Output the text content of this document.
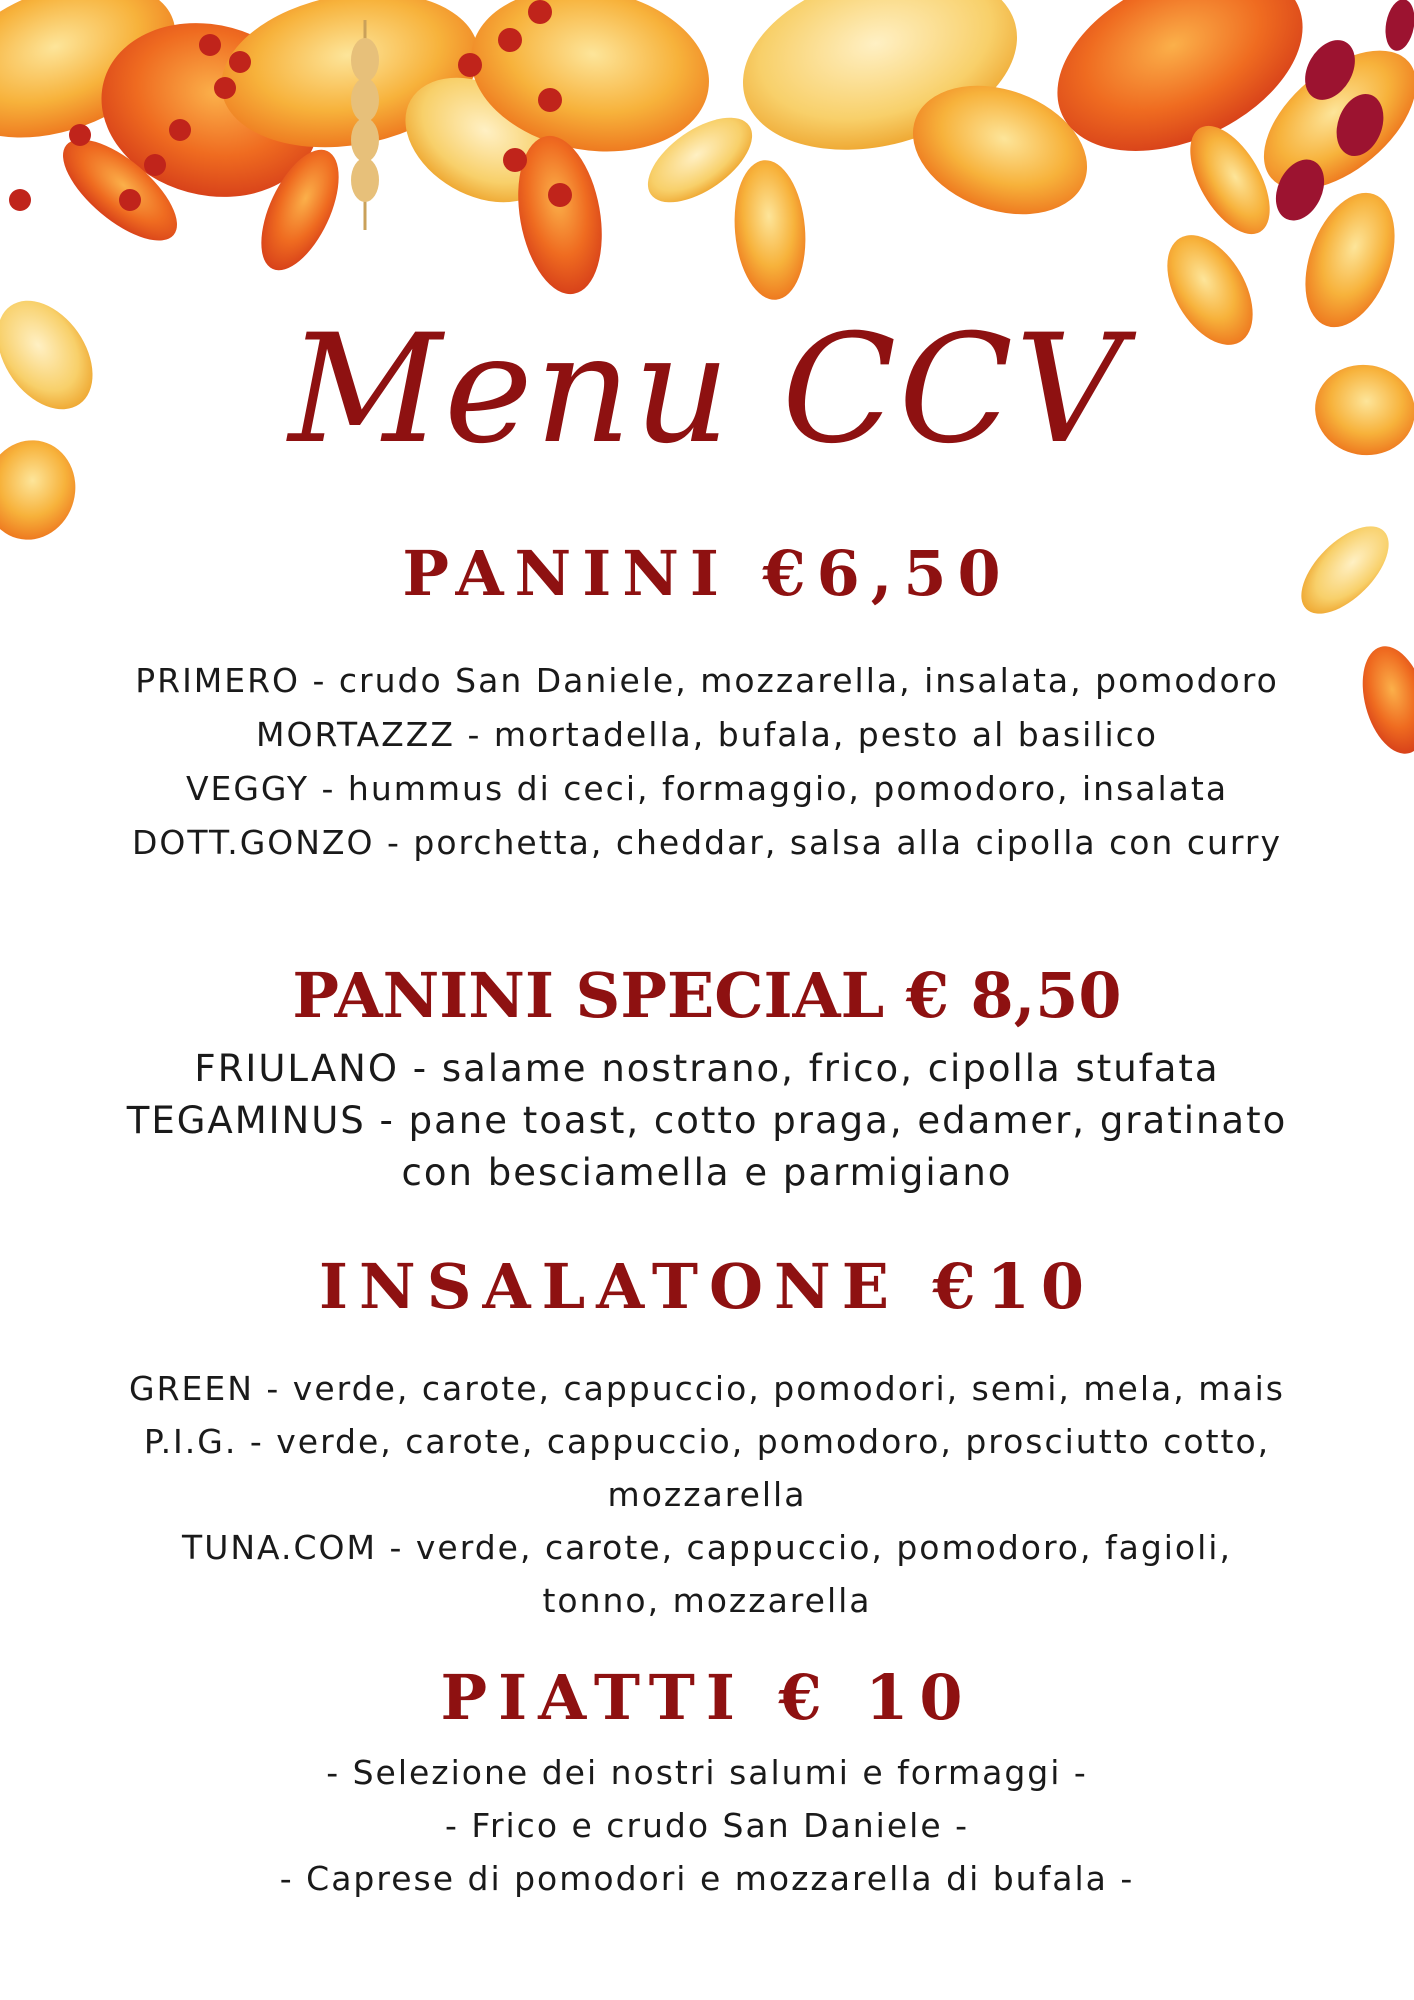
Menu CCV
PANINI €6,50
PRIMERO - crudo San Daniele, mozzarella, insalata, pomodoro
MORTAZZZ - mortadella, bufala, pesto al basilico
VEGGY - hummus di ceci, formaggio, pomodoro, insalata
DOTT.GONZO - porchetta, cheddar, salsa alla cipolla con curry
PANINI SPECIAL € 8,50
FRIULANO - salame nostrano, frico, cipolla stufata
TEGAMINUS - pane toast, cotto praga, edamer, gratinato
con besciamella e parmigiano
INSALATONE €10
GREEN - verde, carote, cappuccio, pomodori, semi, mela, mais
P.I.G. - verde, carote, cappuccio, pomodoro, prosciutto cotto,
mozzarella
TUNA.COM - verde, carote, cappuccio, pomodoro, fagioli,
tonno, mozzarella
PIATTI € 10
- Selezione dei nostri salumi e formaggi -
- Frico e crudo San Daniele -
- Caprese di pomodori e mozzarella di bufala -
